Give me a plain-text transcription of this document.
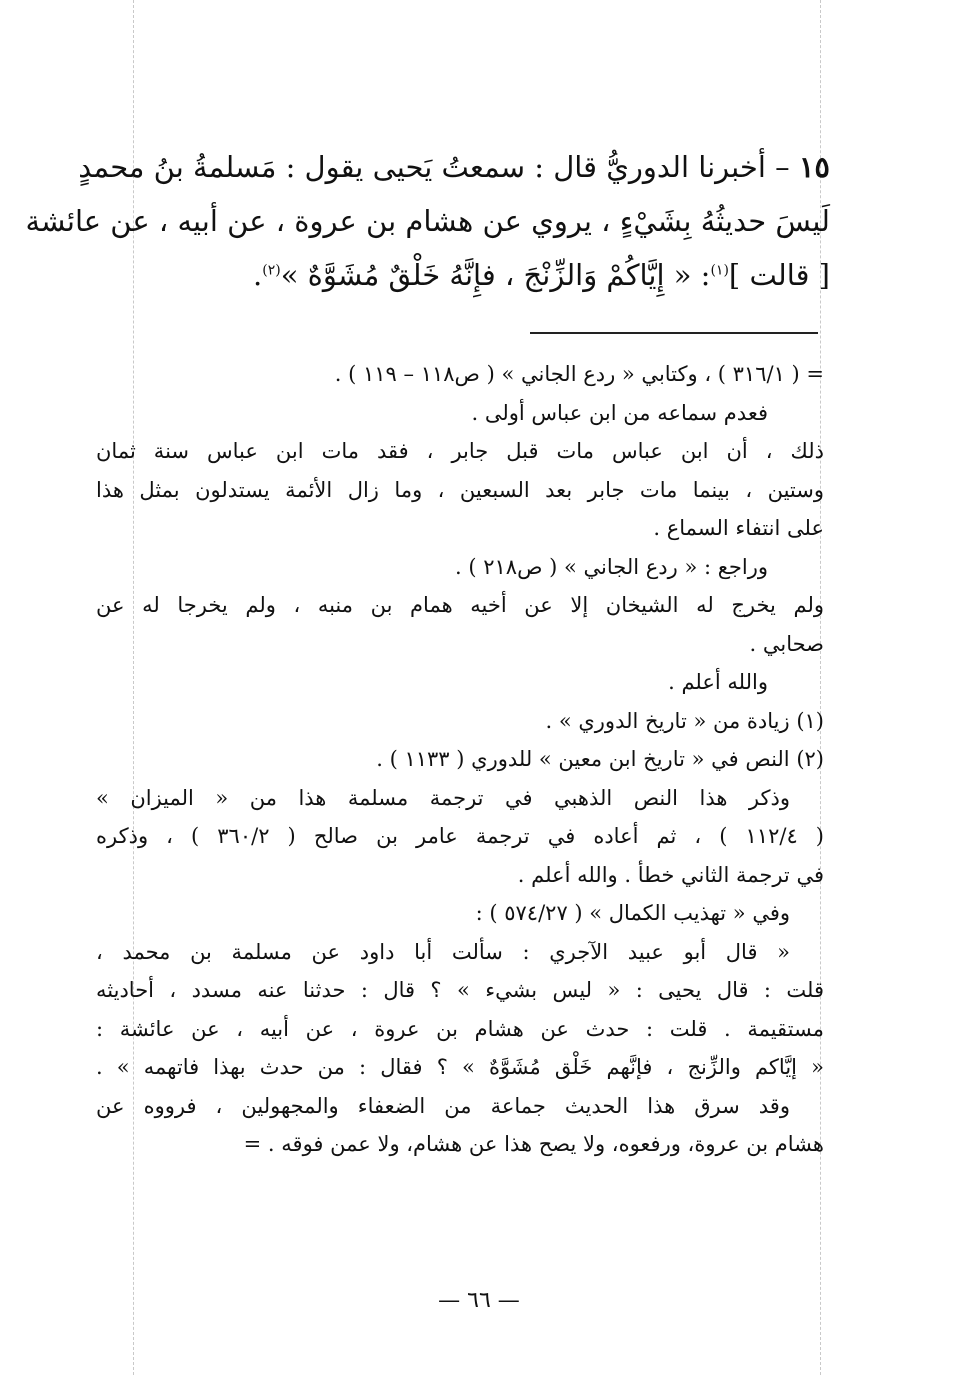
١٥ – أخبرنا الدوريُّ قال : سمعتُ يَحيى يقول : مَسلمةُ بنُ محمدٍ
لَيسَ حديثُهُ بِشَيْءٍ ، يروي عن هشام بن عروة ، عن أبيه ، عن عائشة
[ قالت ]$^{(١)}$: « إِيَّاكُمْ وَالزِّنْجَ ، فإِنَّهُ خَلْقٌ مُشَوَّهٌ »$^{(٢)}$.
= ( ٣١٦/١ ) ، وكتابي « ردع الجاني » ( ص١١٨ – ١١٩ ) .
فعدم سماعه من ابن عباس أولى .
ذلك ، أن ابن عباس مات قبل جابر ، فقد مات ابن عباس سنة ثمان
وستين ، بينما مات جابر بعد السبعين ، وما زال الأئمة يستدلون بمثل هذا
على انتفاء السماع .
وراجع : « ردع الجاني » ( ص٢١٨ ) .
ولم يخرج له الشيخان إلا عن أخيه همام بن منبه ، ولم يخرجا له عن
صحابي .
والله أعلم .
(١) زيادة من « تاريخ الدوري » .
(٢) النص في « تاريخ ابن معين » للدوري ( ١١٣٣ ) .
وذكر هذا النص الذهبي في ترجمة مسلمة هذا من « الميزان »
( ١١٢/٤ ) ، ثم أعاده في ترجمة عامر بن صالح ( ٣٦٠/٢ ) ، وذكره
في ترجمة الثاني خطأ . والله أعلم .
وفي « تهذيب الكمال » ( ٥٧٤/٢٧ ) :
« قال أبو عبيد الآجري : سألت أبا داود عن مسلمة بن محمد ،
قلت : قال يحيى : « ليس بشيء » ؟ قال : حدثنا عنه مسدد ، أحاديثه
مستقيمة . قلت : حدث عن هشام بن عروة ، عن أبيه ، عن عائشة :
« إيَّاكم والزِّنج ، فإنَّهم خَلْق مُشَوَّهٌ » ؟ فقال : من حدث بهذا فاتهمه » .
وقد سرق هذا الحديث جماعة من الضعفاء والمجهولين ، فرووه عن
هشام بن عروة، ورفعوه، ولا يصح هذا عن هشام، ولا عمن فوقه . =
— ٦٦ —
